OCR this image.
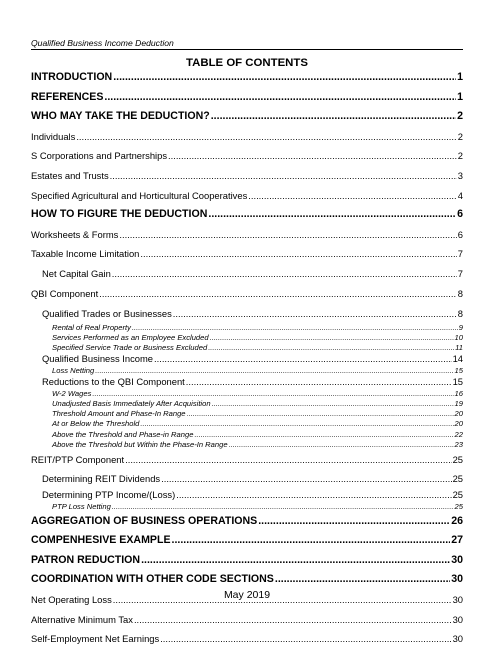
Qualified Business Income Deduction
TABLE OF CONTENTS
INTRODUCTION .....	1
REFERENCES .....	1
WHO MAY TAKE THE DEDUCTION? .....	2
Individuals .....	2
S Corporations and Partnerships .....	2
Estates and Trusts .....	3
Specified Agricultural and Horticultural Cooperatives .....	4
HOW TO FIGURE THE DEDUCTION .....	6
Worksheets & Forms .....	6
Taxable Income Limitation .....	7
Net Capital Gain .....	7
QBI Component .....	8
Qualified Trades or Businesses .....	8
Rental of Real Property .....	9
Services Performed as an Employee Excluded .....	10
Specified Service Trade or Business Excluded .....	11
Qualified Business Income .....	14
Loss Netting .....	15
Reductions to the QBI Component .....	15
W-2 Wages .....	16
Unadjusted Basis Immediately After Acquisition .....	19
Threshold Amount and Phase-In Range .....	20
At or Below the Threshold .....	20
Above the Threshold and Phase-in Range .....	22
Above the Threshold but Within the Phase-In Range .....	23
REIT/PTP Component .....	25
Determining REIT Dividends .....	25
Determining PTP Income/(Loss) .....	25
PTP Loss Netting .....	25
AGGREGATION OF BUSINESS OPERATIONS .....	26
COMPENHESIVE EXAMPLE .....	27
PATRON REDUCTION .....	30
COORDINATION WITH OTHER CODE SECTIONS .....	30
Net Operating Loss .....	30
Alternative Minimum Tax .....	30
Self-Employment Net Earnings .....	30
May 2019
